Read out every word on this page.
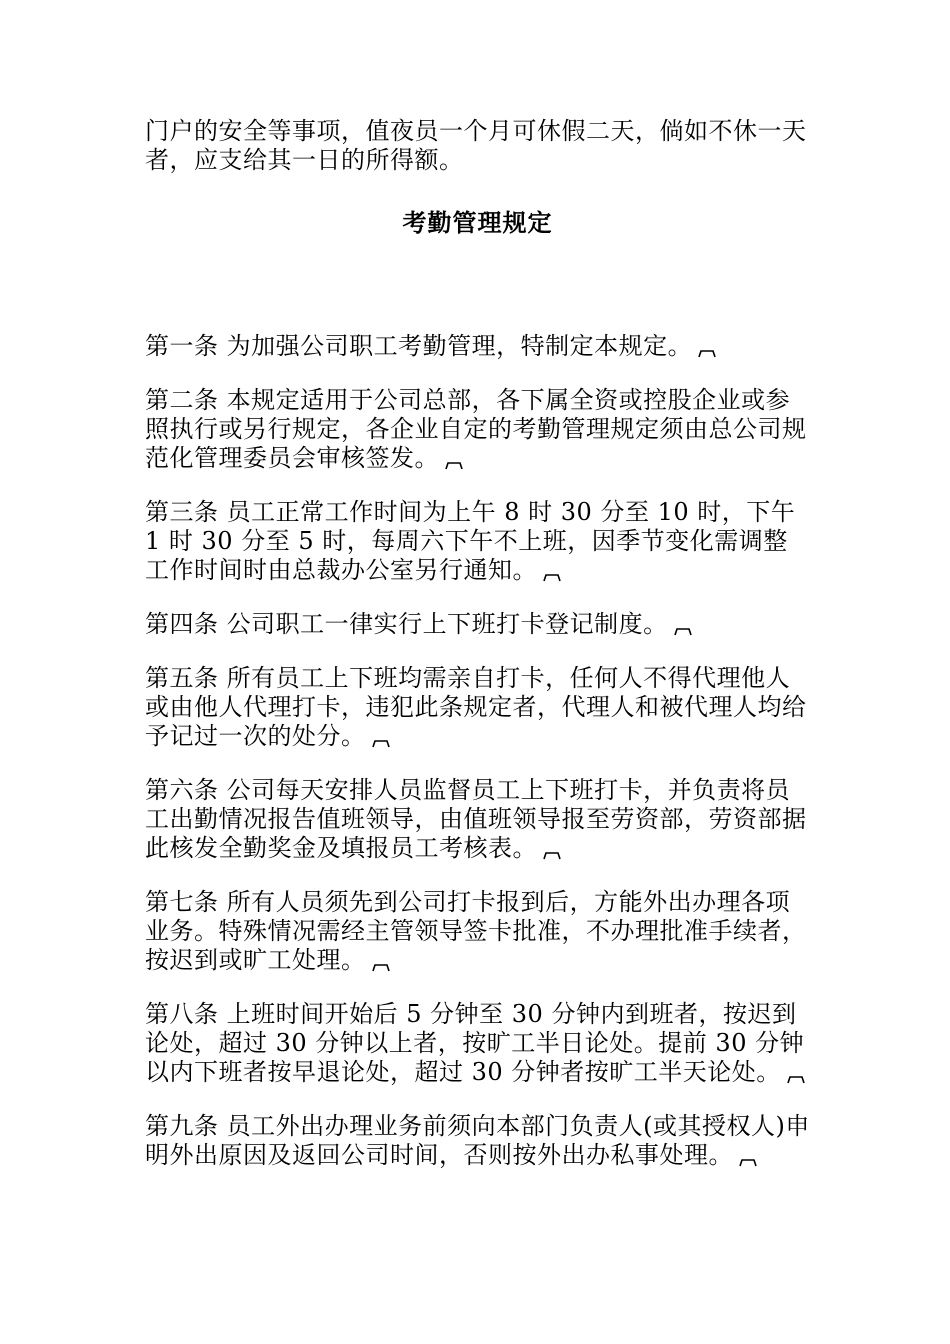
门户的安全等事项，值夜员一个月可休假二天，倘如不休一天者，应支给其一日的所得额。

考勤管理规定

第一条 为加强公司职工考勤管理，特制定本规定。

第二条 本规定适用于公司总部，各下属全资或控股企业或参照执行或另行规定，各企业自定的考勤管理规定须由总公司规范化管理委员会审核签发。

第三条 员工正常工作时间为上午 8 时 30 分至 10 时，下午 1 时 30 分至 5 时，每周六下午不上班，因季节变化需调整工作时间时由总裁办公室另行通知。

第四条 公司职工一律实行上下班打卡登记制度。

第五条 所有员工上下班均需亲自打卡，任何人不得代理他人或由他人代理打卡，违犯此条规定者，代理人和被代理人均给予记过一次的处分。

第六条 公司每天安排人员监督员工上下班打卡，并负责将员工出勤情况报告值班领导，由值班领导报至劳资部，劳资部据此核发全勤奖金及填报员工考核表。

第七条 所有人员须先到公司打卡报到后，方能外出办理各项业务。特殊情况需经主管领导签卡批准，不办理批准手续者，按迟到或旷工处理。

第八条 上班时间开始后 5 分钟至 30 分钟内到班者，按迟到论处，超过 30 分钟以上者，按旷工半日论处。提前 30 分钟以内下班者按早退论处，超过 30 分钟者按旷工半天论处。

第九条 员工外出办理业务前须向本部门负责人(或其授权人)申明外出原因及返回公司时间，否则按外出办私事处理。
